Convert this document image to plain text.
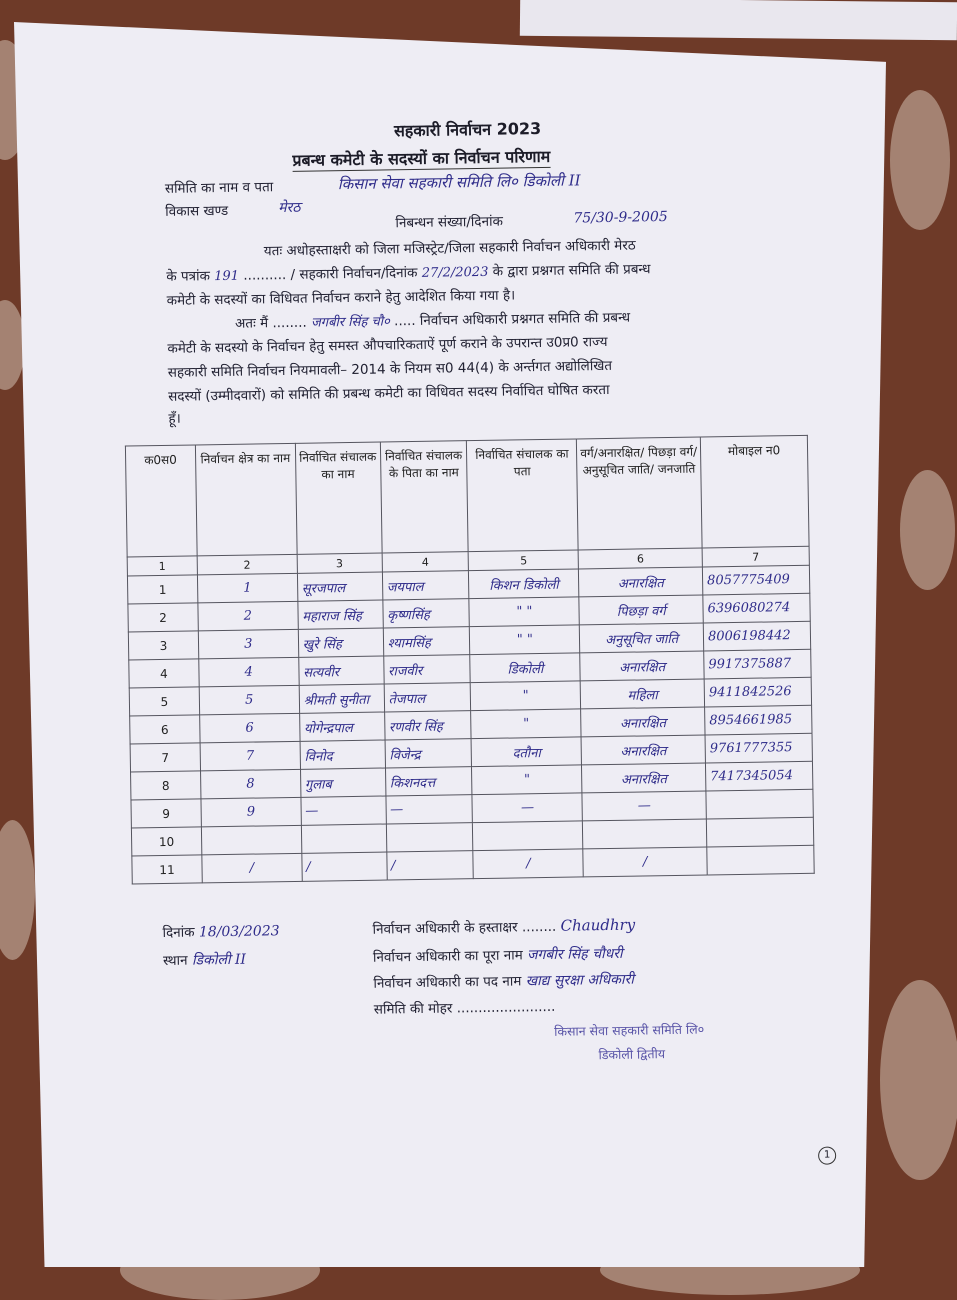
सहकारी निर्वाचन 2023
प्रबन्ध कमेटी के सदस्यों का निर्वाचन परिणाम
समिति का नाम व पता	किसान सेवा सहकारी समिति लि० डिकोली II
विकास खण्ड	मेरठ
निबन्धन संख्या/दिनांक	75/30-9-2005
यतः अधोहस्ताक्षरी को जिला मजिस्ट्रेट/जिला सहकारी निर्वाचन अधिकारी मेरठ
के पत्रांक 191 .......... / सहकारी निर्वाचन/दिनांक 27/2/2023 के द्वारा प्रश्नगत समिति की प्रबन्ध
कमेटी के सदस्यों का विधिवत निर्वाचन कराने हेतु आदेशित किया गया है।
अतः मैं ........ जगबीर सिंह चौ० ..... निर्वाचन अधिकारी प्रश्नगत समिति की प्रबन्ध
कमेटी के सदस्यो के निर्वाचन हेतु समस्त औपचारिकताऐं पूर्ण कराने के उपरान्त उ0प्र0 राज्य
सहकारी समिति निर्वाचन नियमावली– 2014 के नियम स0 44(4) के अर्न्तगत अद्योलिखित
सदस्यों (उम्मीदवारों) को समिति की प्रबन्ध कमेटी का विधिवत सदस्य निर्वाचित घोषित करता
हूँ।
क0स0	निर्वाचन क्षेत्र का नाम	निर्वाचित संचालक का नाम	निर्वाचित संचालक के पिता का नाम	निर्वाचित संचालक का पता	वर्ग/अनारक्षित/ पिछड़ा वर्ग/ अनुसूचित जाति/ जनजाति	मोबाइल न0
1	2	3	4	5	6	7
1	1	सूरजपाल	जयपाल	किशन डिकोली	अनारक्षित	8057775409
2	2	महाराज सिंह	कृष्णसिंह	" "	पिछड़ा वर्ग	6396080274
3	3	खुरे सिंह	श्यामसिंह	" "	अनुसूचित जाति	8006198442
4	4	सत्यवीर	राजवीर	डिकोली	अनारक्षित	9917375887
5	5	श्रीमती सुनीता	तेजपाल	"	महिला	9411842526
6	6	योगेन्द्रपाल	रणवीर सिंह	"	अनारक्षित	8954661985
7	7	विनोद	विजेन्द्र	दतौना	अनारक्षित	9761777355
8	8	गुलाब	किशनदत्त	"	अनारक्षित	7417345054
9	9	—	—	—	—	
10						
11	/	/	/	/	/	
दिनांक 18/03/2023
स्थान डिकोली II
निर्वाचन अधिकारी के हस्ताक्षर ........ Chaudhry
निर्वाचन अधिकारी का पूरा नाम जगबीर सिंह चौधरी
निर्वाचन अधिकारी का पद नाम खाद्य सुरक्षा अधिकारी
समिति की मोहर .......................
किसान सेवा सहकारी समिति लि०
डिकोली द्वितीय
1
